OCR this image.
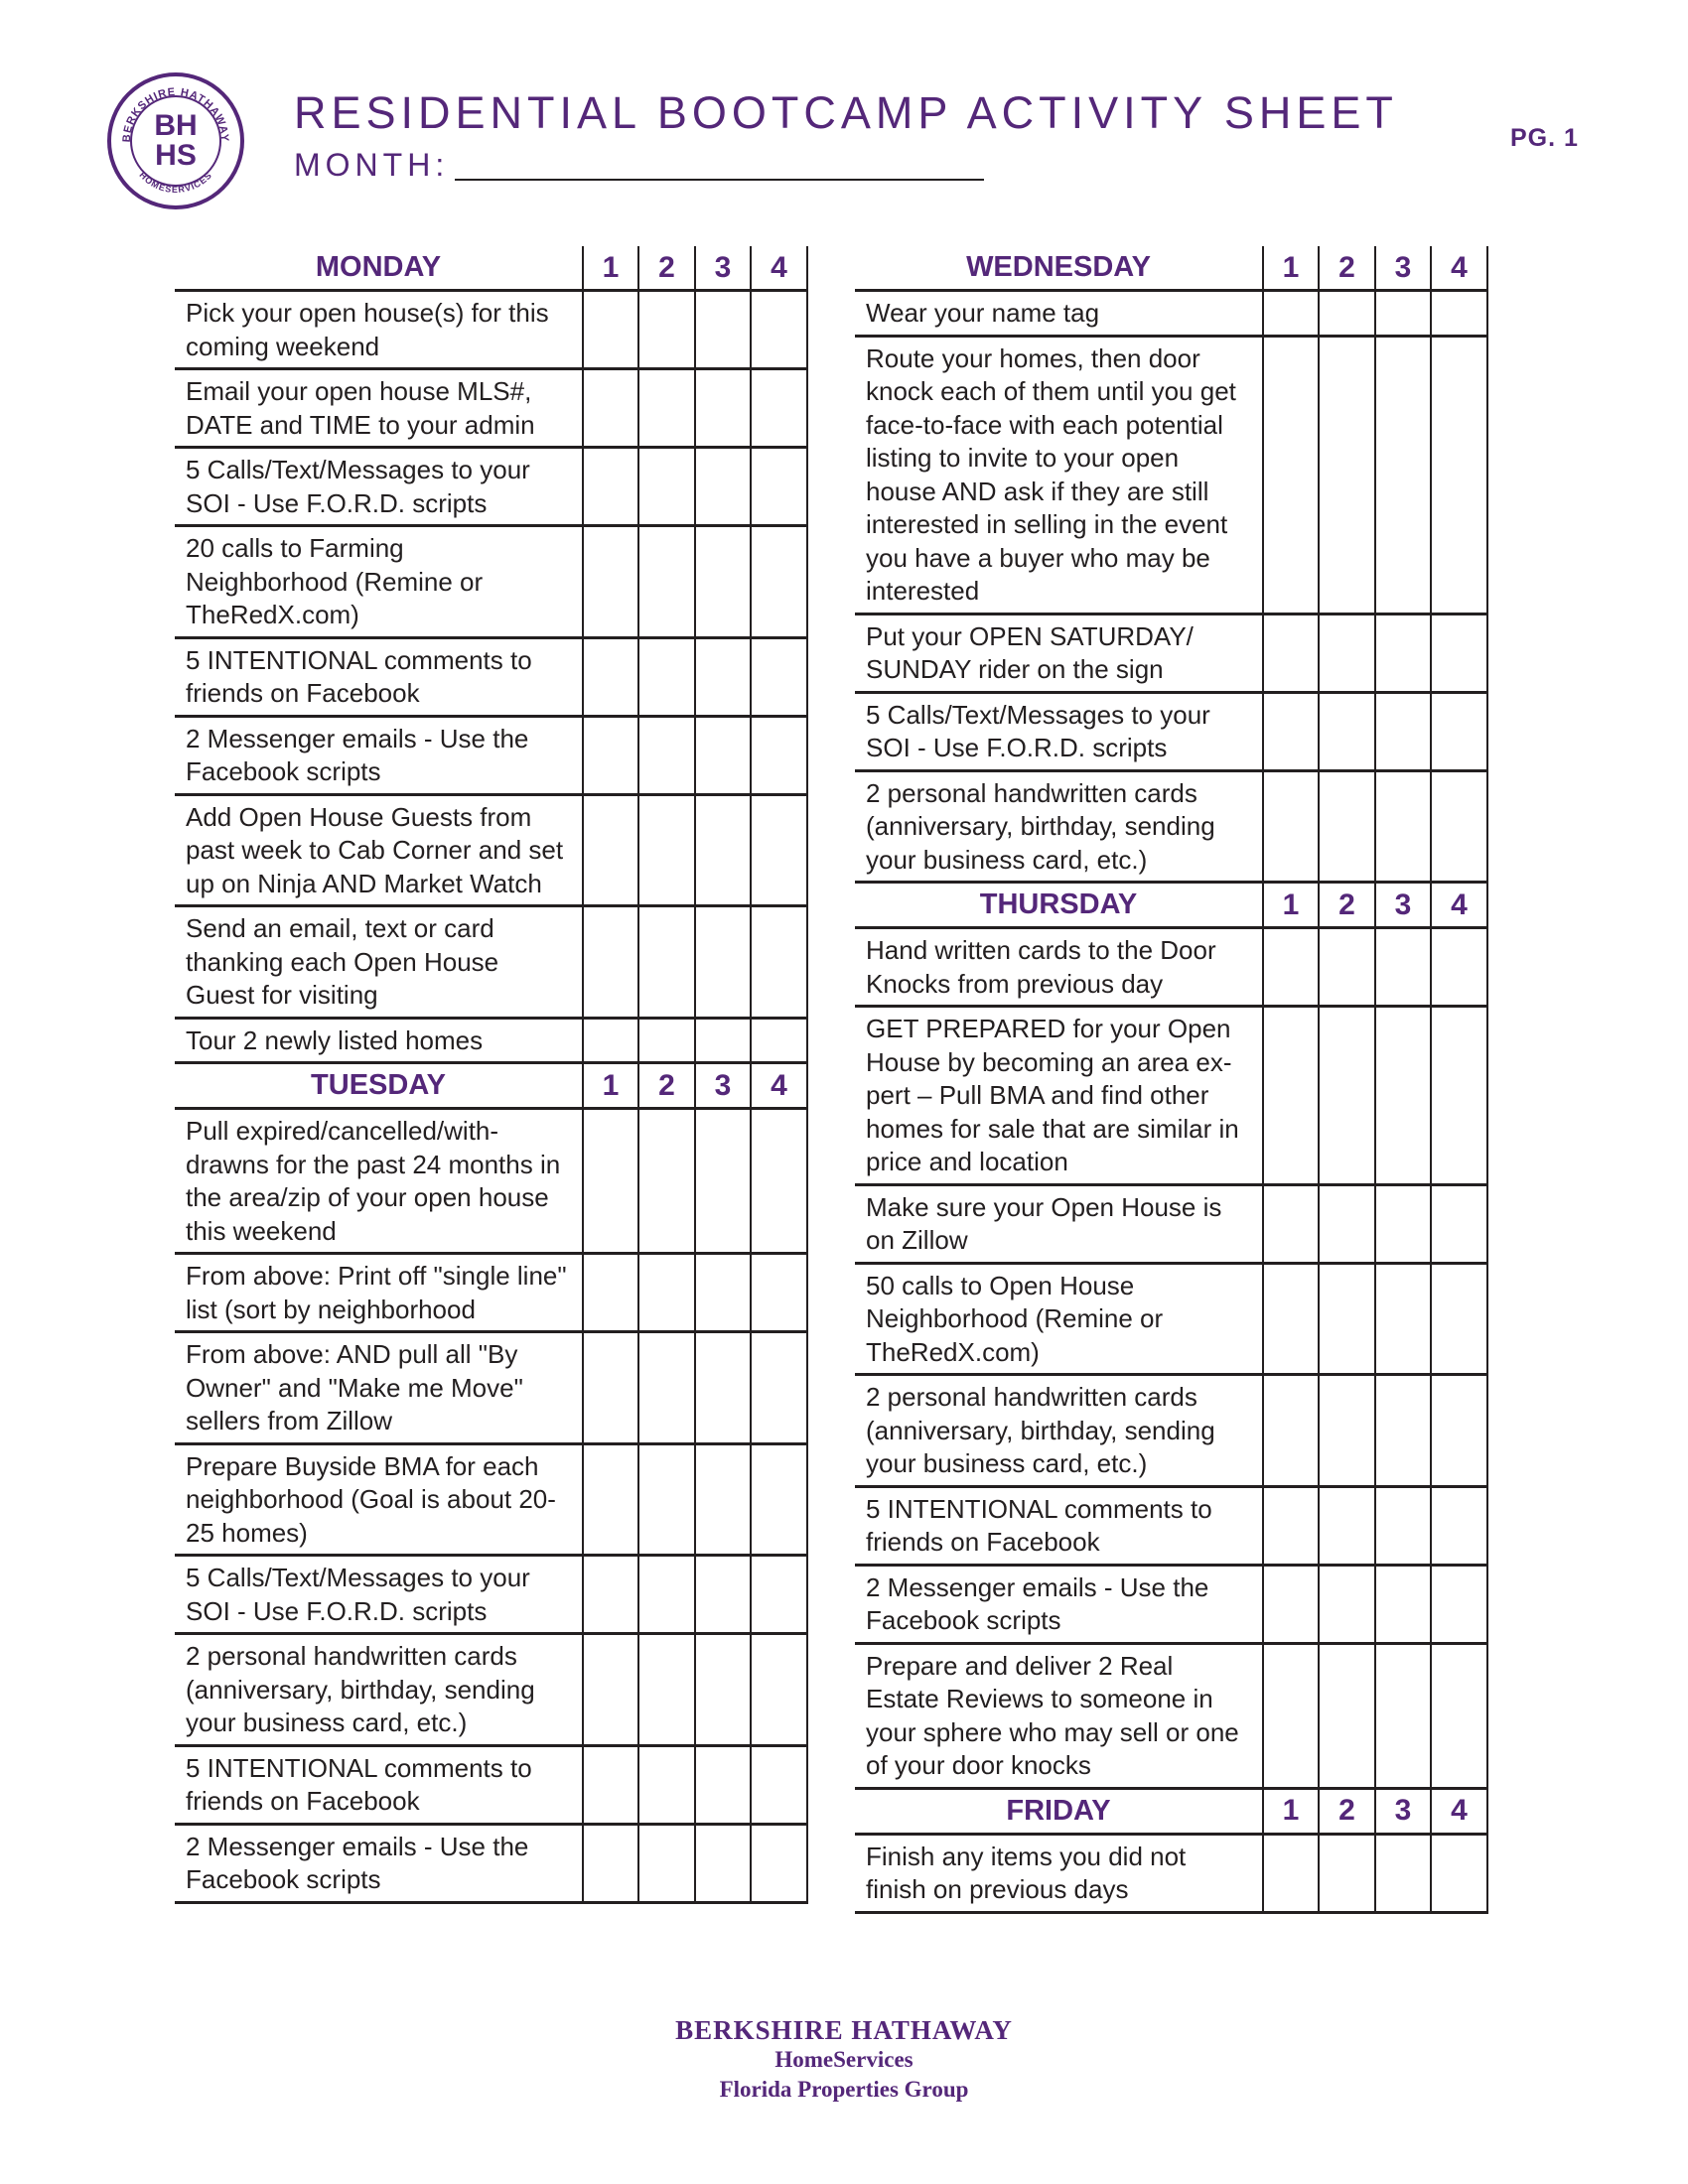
BERKSHIRE HATHAWAY
HOMESERVICES
BH
HS
RESIDENTIAL BOOTCAMP ACTIVITY SHEET
MONTH:
PG. 1
MONDAY	1	2	3	4
Pick your open house(s) for this coming weekend				
Email your open house MLS#, DATE and TIME to your admin				
5 Calls/Text/Messages to your SOI - Use F.O.R.D. scripts				
20 calls to Farming Neighborhood (Remine or TheRedX.com)				
5 INTENTIONAL comments to friends on Facebook				
2 Messenger emails - Use the Facebook scripts				
Add Open House Guests from past week to Cab Corner and set up on Ninja AND Market Watch				
Send an email, text or card thanking each Open House Guest for visiting				
Tour 2 newly listed homes				
TUESDAY	1	2	3	4
Pull expired/cancelled/with- drawns for the past 24 months in the area/zip of your open house this weekend				
From above: Print off "single line" list (sort by neighborhood				
From above: AND pull all "By Owner" and "Make me Move" sellers from Zillow				
Prepare Buyside BMA for each neighborhood (Goal is about 20-25 homes)				
5 Calls/Text/Messages to your SOI - Use F.O.R.D. scripts				
2 personal handwritten cards (anniversary, birthday, sending your business card, etc.)				
5 INTENTIONAL comments to friends on Facebook				
2 Messenger emails - Use the Facebook scripts				
WEDNESDAY	1	2	3	4
Wear your name tag				
Route your homes, then door knock each of them until you get face-to-face with each potential listing to invite to your open house AND ask if they are still interested in selling in the event you have a buyer who may be interested				
Put your OPEN SATURDAY/ SUNDAY rider on the sign				
5 Calls/Text/Messages to your SOI - Use F.O.R.D. scripts				
2 personal handwritten cards (anniversary, birthday, sending your business card, etc.)				
THURSDAY	1	2	3	4
Hand written cards to the Door Knocks from previous day				
GET PREPARED for your Open House by becoming an area ex- pert – Pull BMA and find other homes for sale that are similar in price and location				
Make sure your Open House is on Zillow				
50 calls to Open House Neighborhood (Remine or TheRedX.com)				
2 personal handwritten cards (anniversary, birthday, sending your business card, etc.)				
5 INTENTIONAL comments to friends on Facebook				
2 Messenger emails - Use the Facebook scripts				
Prepare and deliver 2 Real Estate Reviews to someone in your sphere who may sell or one of your door knocks				
FRIDAY	1	2	3	4
Finish any items you did not finish on previous days				
BERKSHIRE HATHAWAY
HomeServices
Florida Properties Group
